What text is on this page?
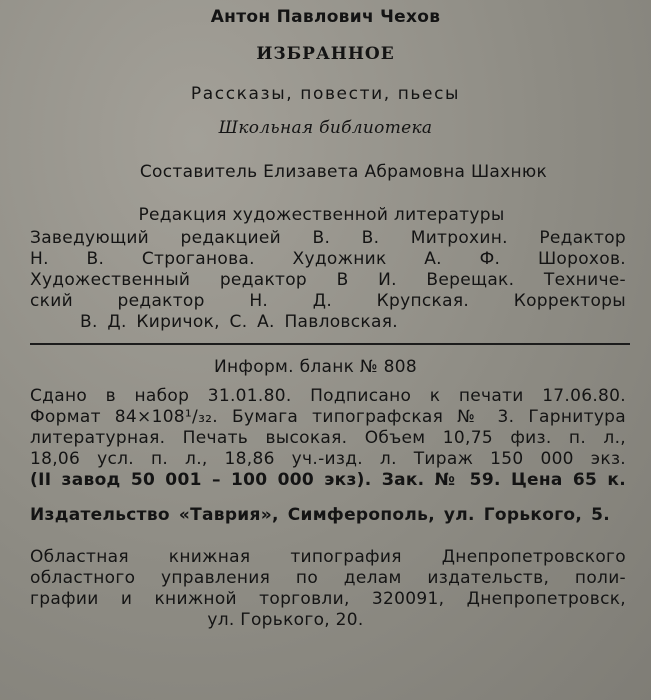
Антон Павлович Чехов
ИЗБРАННОЕ
Рассказы, повести, пьесы
Школьная библиотека
Составитель Елизавета Абрамовна Шахнюк
Редакция художественной литературы
Заведующий редакцией В. В. Митрохин. Редактор
Н. В. Строганова. Художник А. Ф. Шорохов.
Художественный редактор В И. Верещак. Техниче-
ский редактор Н. Д. Крупская. Корректоры
В. Д. Киричок, С. А. Павловская.
Информ. бланк № 808
Сдано в набор 31.01.80. Подписано к печати 17.06.80.
Формат 84×108¹/₃₂. Бумага типографская № 3. Гарнитура
литературная. Печать высокая. Объем 10,75 физ. п. л.,
18,06 усл. п. л., 18,86 уч.-изд. л. Тираж 150 000 экз.
(II завод 50 001 – 100 000 экз). Зак. № 59. Цена 65 к.
Издательство «Таврия», Симферополь, ул. Горького, 5.
Областная книжная типография Днепропетровского
областного управления по делам издательств, поли-
графии и книжной торговли, 320091, Днепропетровск,
ул. Горького, 20.
